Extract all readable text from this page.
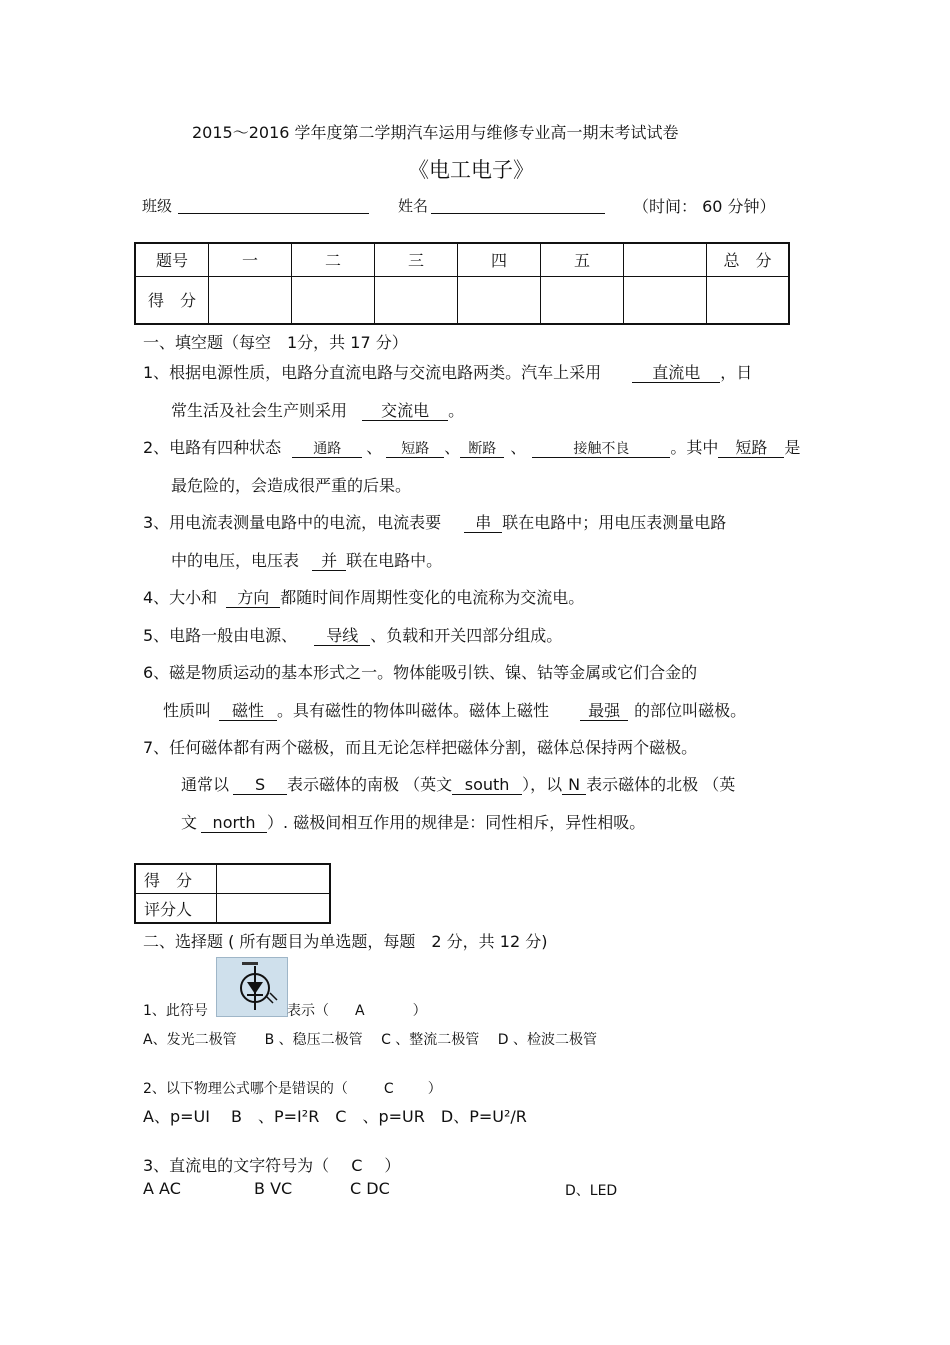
2015～2016 学年度第二学期汽车运用与维修专业高一期末考试试卷
《电工电子》
班级	姓名	（时间： 60 分钟）
题号	一	二	三	四	五		总　分
得　分							
一、填空题（每空　1分，共 17 分）
1、根据电源性质，电路分直流电路与交流电路两类。汽车上采用	直流电 ，日
常生活及社会生产则采用 交流电 。
2、电路有四种状态 通路 、 短路 、 断路 、	接触不良	。其中 短路 是
最危险的，会造成很严重的后果。
3、用电流表测量电路中的电流，电流表要 串 联在电路中；用电压表测量电路
中的电压，电压表 并 联在电路中。
4、大小和 方向 都随时间作周期性变化的电流称为交流电。
5、电路一般由电源、 导线 、负载和开关四部分组成。
6、磁是物质运动的基本形式之一。物体能吸引铁、镍、钴等金属或它们合金的
性质叫 磁性 。具有磁性的物体叫磁体。磁体上磁性 最强 的部位叫磁极。
7、任何磁体都有两个磁极，而且无论怎样把磁体分割，磁体总保持两个磁极。
通常以 S 表示磁体的南极 （英文 south ），以 N 表示磁体的北极 （英
文 north ）. 磁极间相互作用的规律是：同性相斥，异性相吸。
得　分	
评分人	
二、选择题 ( 所有题目为单选题，每题　2 分，共 12 分)
1、此符号	表示（ A	）
A、发光二极管　　B 、稳压二极管　 C 、整流二极管　 D 、检波二极管
2、以下物理公式哪个是错误的（	C ）
A、p=UI　 B　、P=I²R　C　、p=UR　D、P=U²/R
3、直流电的文字符号为（ C ）
A AC	B VC	C DC	D、LED
